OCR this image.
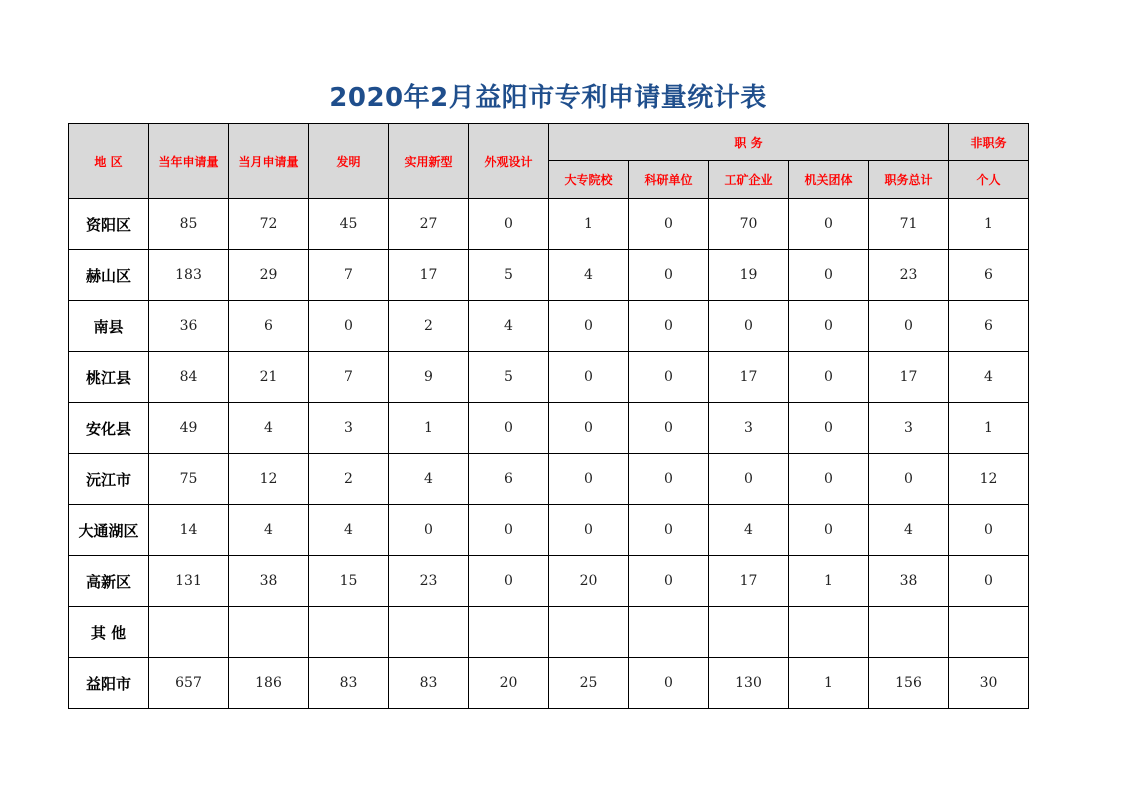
2020年2月益阳市专利申请量统计表
地 区	当年申请量	当月申请量	发明	实用新型	外观设计	职 务					非职务
						大专院校	科研单位	工矿企业	机关团体	职务总计	个人
资阳区	85	72	45	27	0	1	0	70	0	71	1
赫山区	183	29	7	17	5	4	0	19	0	23	6
南县	36	6	0	2	4	0	0	0	0	0	6
桃江县	84	21	7	9	5	0	0	17	0	17	4
安化县	49	4	3	1	0	0	0	3	0	3	1
沅江市	75	12	2	4	6	0	0	0	0	0	12
大通湖区	14	4	4	0	0	0	0	4	0	4	0
高新区	131	38	15	23	0	20	0	17	1	38	0
其 他											
益阳市	657	186	83	83	20	25	0	130	1	156	30
